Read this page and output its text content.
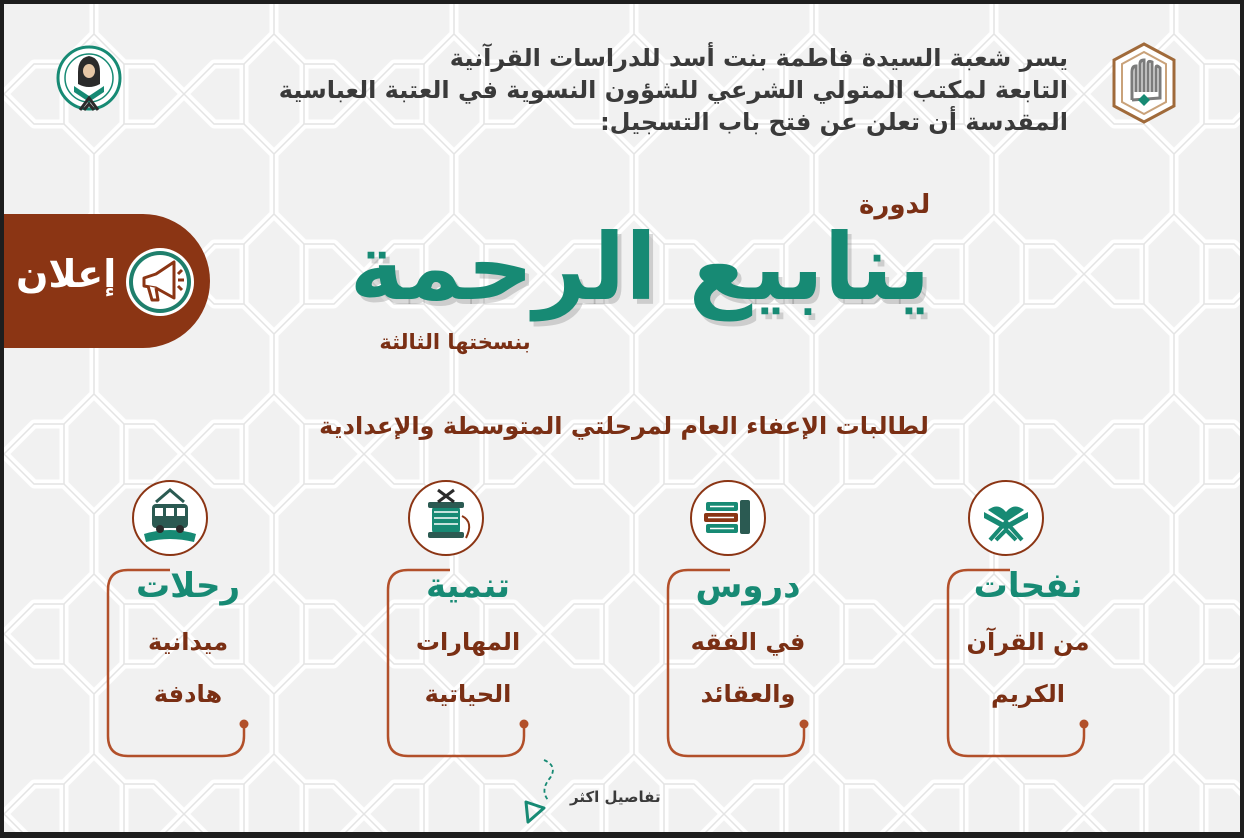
يسر شعبة السيدة فاطمة بنت أسد للدراسات القرآنية
التابعة لمكتب المتولي الشرعي للشؤون النسوية في العتبة العباسية
المقدسة أن تعلن عن فتح باب التسجيل:
إعلان
لدورة
ينابيع الرحمة
بنسختها الثالثة
لطالبات الإعفاء العام لمرحلتي المتوسطة والإعدادية
نفحات
من القرآن
الكريم
دروس
في الفقه
والعقائد
تنمية
المهارات
الحياتية
رحلات
ميدانية
هادفة
تفاصيل اكثر
